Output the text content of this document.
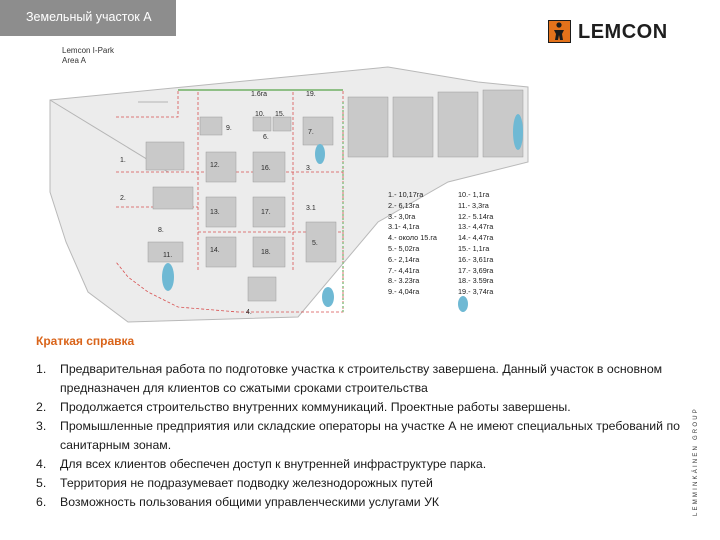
Земельный участок А
LEMCON
Lemcon I-Park
Area A
1.
2.
3.
3.1
4.
5.
6.
7.
8.
9.
10.
11.
12.
13.
14.
15.
16.
17.
18.
19.
1.6га
1.- 10,17га
2.- 6,13га
3.- 3,0га
3.1- 4,1га
4.- около 15.га
5.- 5,02га
6.- 2,14га
7.- 4,41га
8.- 3.23га
9.- 4,04га
10.- 1,1га
11.- 3,3га
12.- 5.14га
13.- 4,47га
14.- 4,47га
15.- 1,1га
16.- 3,61га
17.- 3,69га
18.- 3.59га
19.- 3,74га
Краткая справка
1.	Предварительная работа по подготовке участка к строительству завершена. Данный участок в основном предназначен для клиентов со сжатыми сроками строительства
2.	Продолжается строительство внутренних коммуникаций. Проектные работы завершены.
3.	Промышленные предприятия или складские операторы на участке А не имеют специальных требований по санитарным зонам.
4.	Для всех клиентов обеспечен доступ к внутренней инфраструктуре парка.
5.	Территория не подразумевает подводку железнодорожных путей
6.	Возможность пользования общими управленческими услугами УК	LEMMINKÄINEN GROUP
